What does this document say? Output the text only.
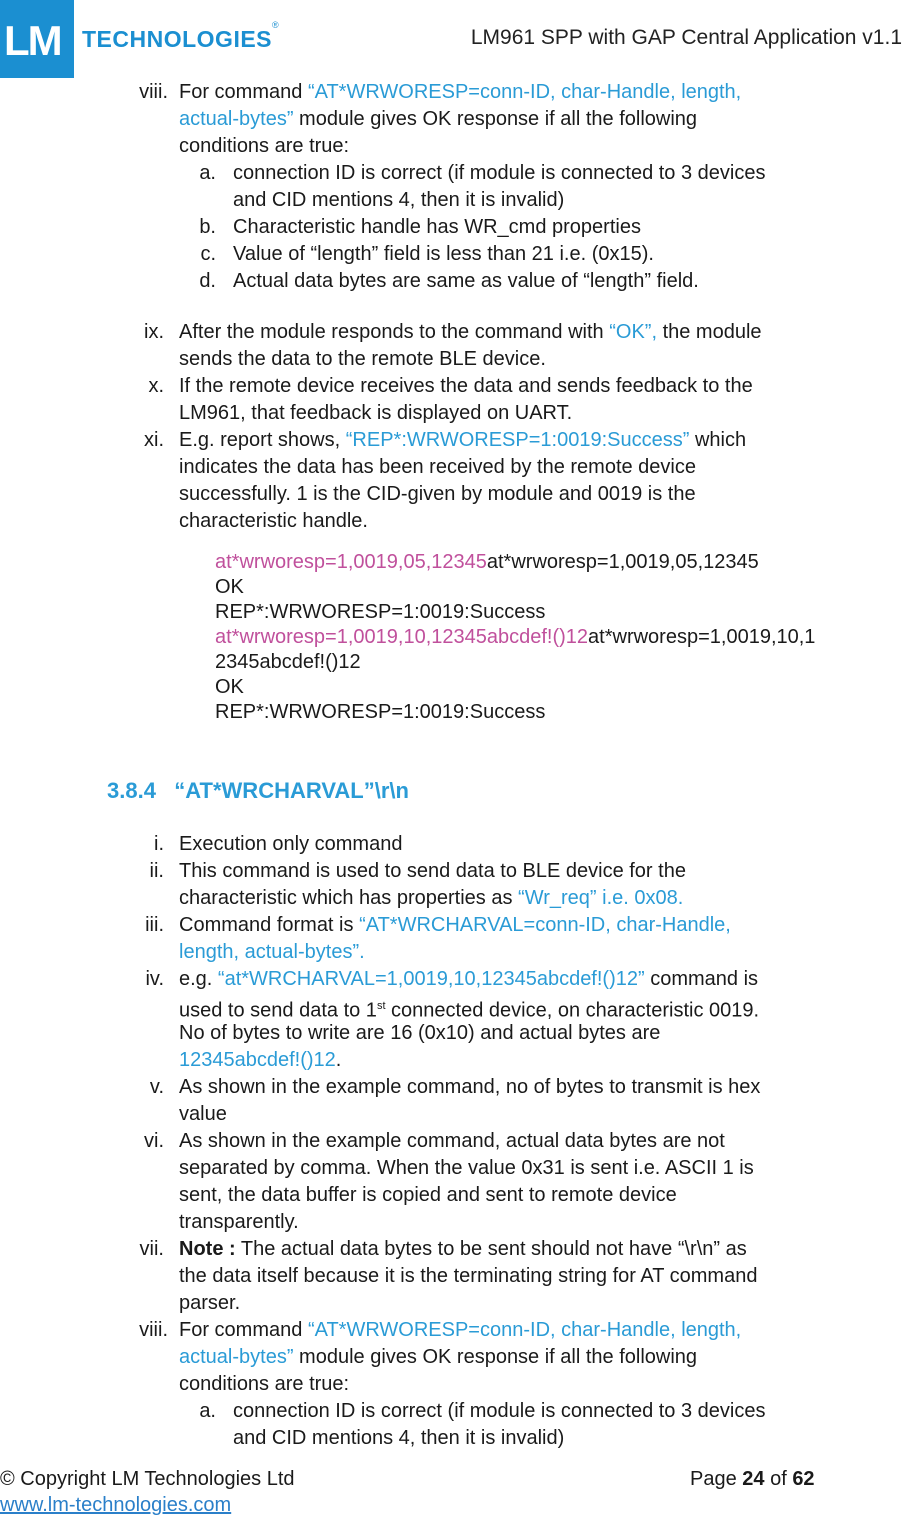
LM TECHNOLOGIES
®
LM961 SPP with GAP Central Application v1.1
viii. For command “AT*WRWORESP=conn-ID, char-Handle, length,
actual-bytes” module gives OK response if all the following
conditions are true:
a. connection ID is correct (if module is connected to 3 devices
and CID mentions 4, then it is invalid)
b. Characteristic handle has WR_cmd properties
c. Value of “length” field is less than 21 i.e. (0x15).
d. Actual data bytes are same as value of “length” field.
ix. After the module responds to the command with “OK”, the module
sends the data to the remote BLE device.
x. If the remote device receives the data and sends feedback to the
LM961, that feedback is displayed on UART.
xi. E.g. report shows, “REP*:WRWORESP=1:0019:Success” which
indicates the data has been received by the remote device
successfully. 1 is the CID-given by module and 0019 is the
characteristic handle.
at*wrworesp=1,0019,05,12345at*wrworesp=1,0019,05,12345
OK
REP*:WRWORESP=1:0019:Success
at*wrworesp=1,0019,10,12345abcdef!()12at*wrworesp=1,0019,10,1
2345abcdef!()12
OK
REP*:WRWORESP=1:0019:Success
3.8.4 “AT*WRCHARVAL”\r\n
i. Execution only command
ii. This command is used to send data to BLE device for the
characteristic which has properties as “Wr_req” i.e. 0x08.
iii. Command format is “AT*WRCHARVAL=conn-ID, char-Handle,
length, actual-bytes”.
iv. e.g. “at*WRCHARVAL=1,0019,10,12345abcdef!()12” command is
used to send data to 1st connected device, on characteristic 0019.
No of bytes to write are 16 (0x10) and actual bytes are
12345abcdef!()12.
v. As shown in the example command, no of bytes to transmit is hex
value
vi. As shown in the example command, actual data bytes are not
separated by comma. When the value 0x31 is sent i.e. ASCII 1 is
sent, the data buffer is copied and sent to remote device
transparently.
vii. Note : The actual data bytes to be sent should not have “\r\n” as
the data itself because it is the terminating string for AT command
parser.
viii. For command “AT*WRWORESP=conn-ID, char-Handle, length,
actual-bytes” module gives OK response if all the following
conditions are true:
a. connection ID is correct (if module is connected to 3 devices
and CID mentions 4, then it is invalid)
© Copyright LM Technologies Ltd
www.lm-technologies.com
Page 24 of 62
